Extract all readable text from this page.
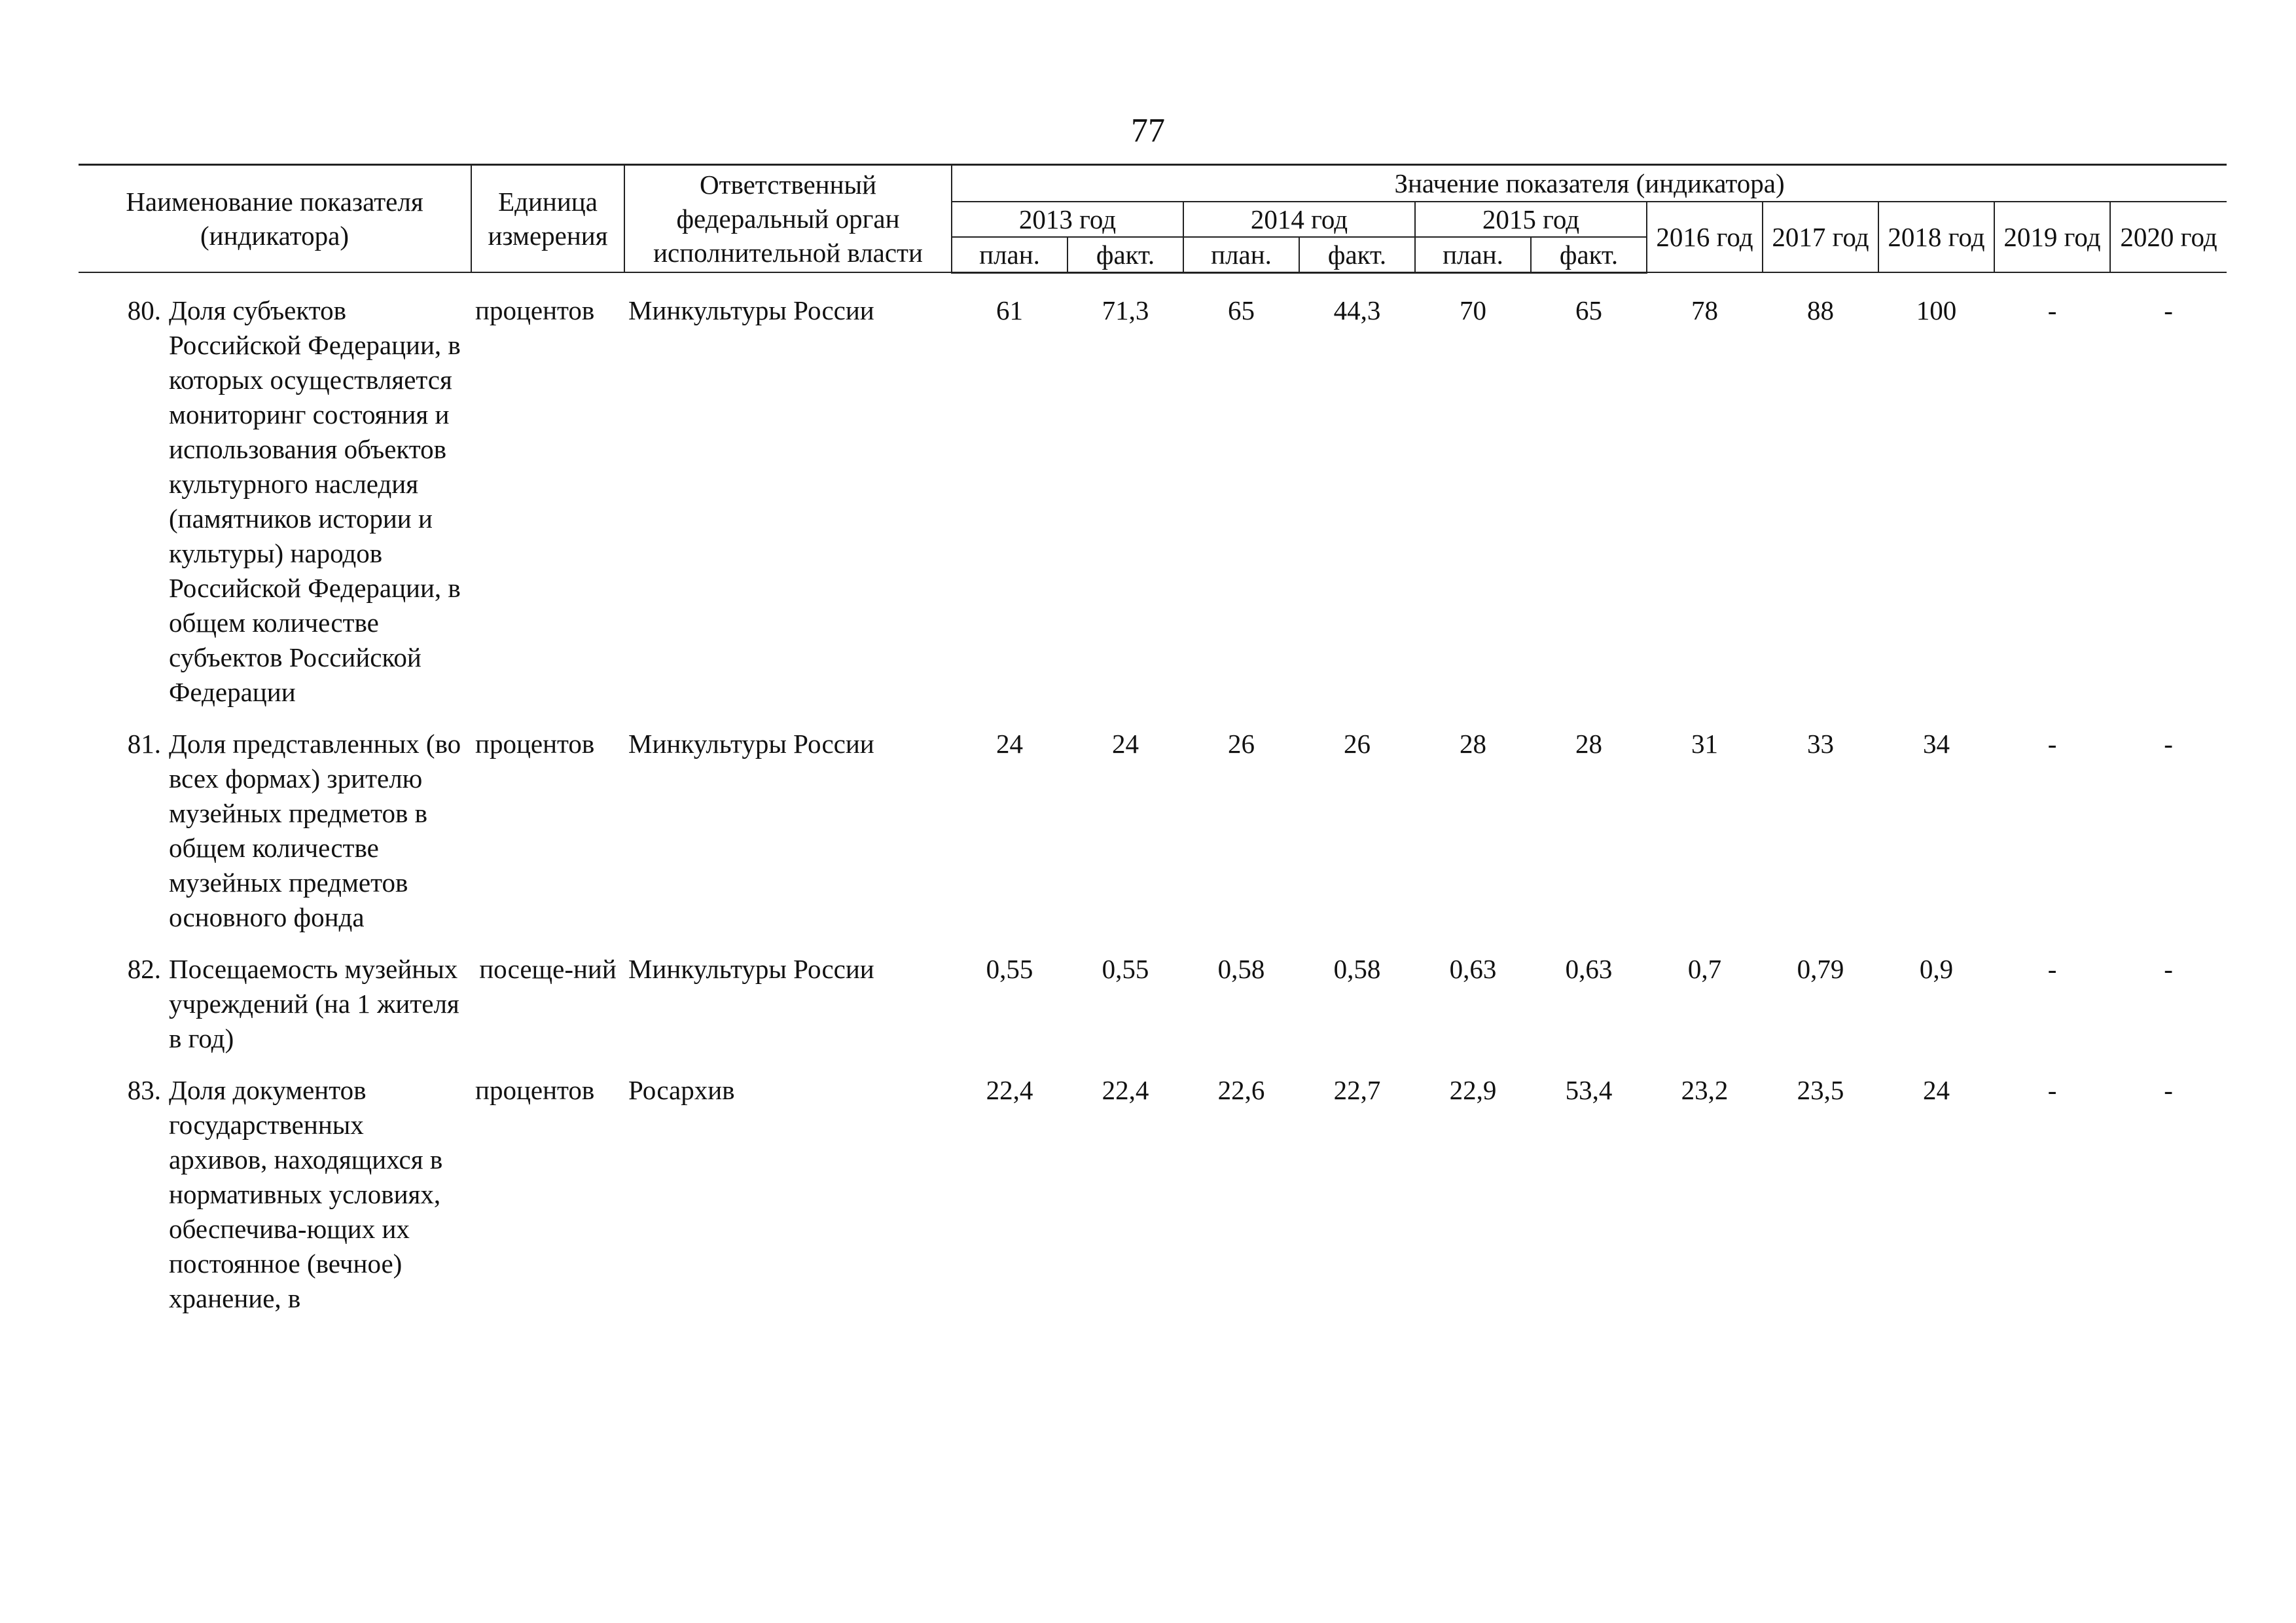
77
Наименование показателя (индикатора)		Единица измерения	Ответственный федеральный орган исполнительной власти	Значение показателя (индикатора)										
				2013 год		2014 год		2015 год		2016 год	2017 год	2018 год	2019 год	2020 год
				план.	факт.	план.	факт.	план.	факт.					

80.	Доля субъектов Российской Федерации, в которых осуществляется мониторинг состояния и использования объектов культурного наследия (памятников истории и культуры) народов Российской Федерации, в общем количестве субъектов Российской Федерации	процентов	Минкультуры России	61	71,3	65	44,3	70	65	78	88	100	-	-
81.	Доля представленных (во всех формах) зрителю музейных предметов в общем количестве музейных предметов основного фонда	процентов	Минкультуры России	24	24	26	26	28	28	31	33	34	-	-
82.	Посещаемость музейных учреждений (на 1 жителя в год)	посеще-ний	Минкультуры России	0,55	0,55	0,58	0,58	0,63	0,63	0,7	0,79	0,9	-	-
83.	Доля документов государственных архивов, находящихся в нормативных условиях, обеспечива-ющих их постоянное (вечное) хранение, в	процентов	Росархив	22,4	22,4	22,6	22,7	22,9	53,4	23,2	23,5	24	-	-
